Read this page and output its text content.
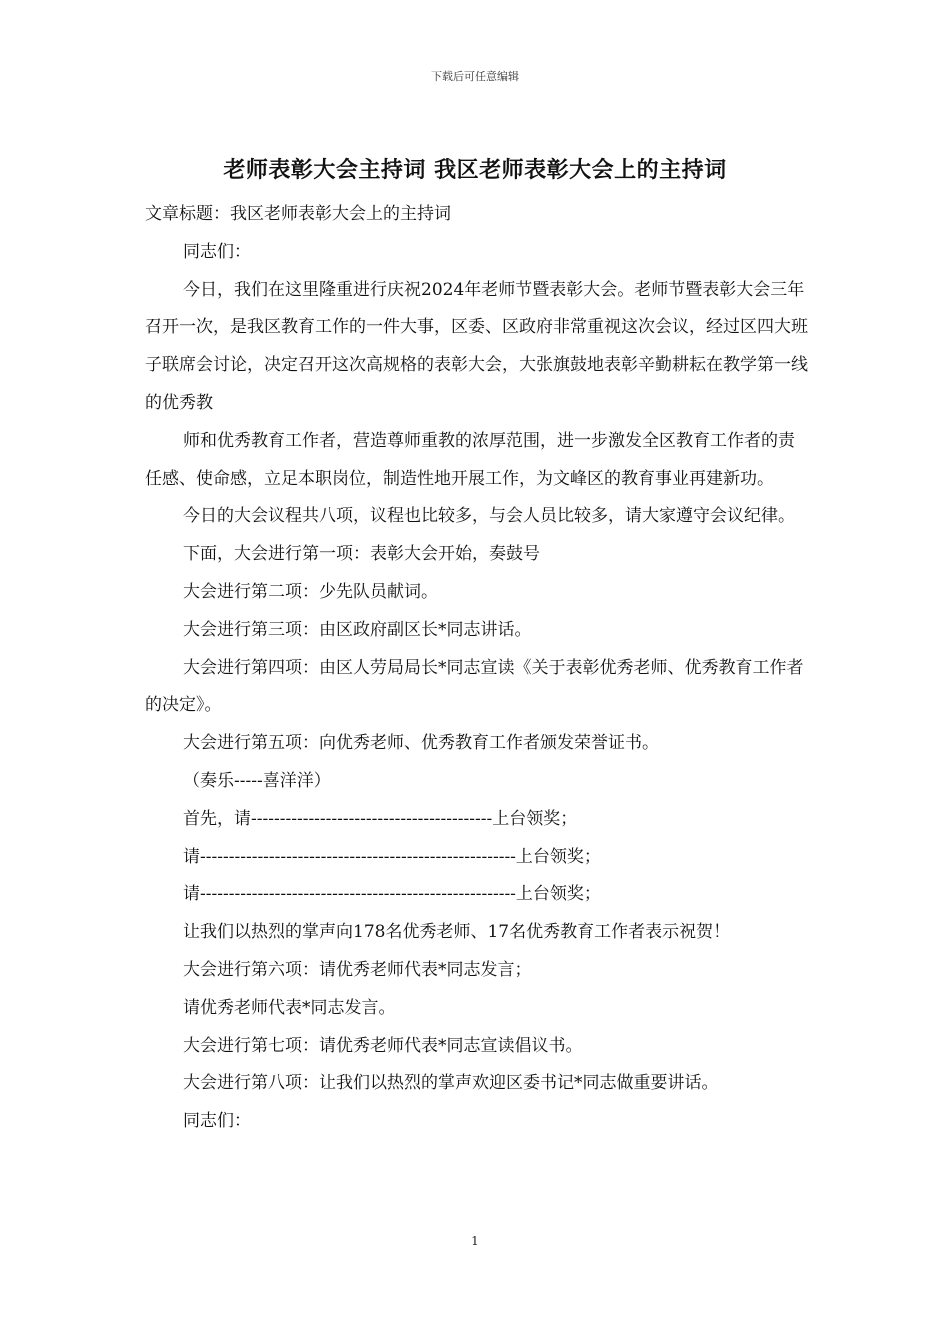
下载后可任意编辑
老师表彰大会主持词 我区老师表彰大会上的主持词

文章标题：我区老师表彰大会上的主持词

同志们：

今日，我们在这里隆重进行庆祝2024年老师节暨表彰大会。老师节暨表彰大会三年召开一次，是我区教育工作的一件大事，区委、区政府非常重视这次会议，经过区四大班子联席会讨论，决定召开这次高规格的表彰大会，大张旗鼓地表彰辛勤耕耘在教学第一线的优秀教

师和优秀教育工作者，营造尊师重教的浓厚范围，进一步激发全区教育工作者的责任感、使命感，立足本职岗位，制造性地开展工作，为文峰区的教育事业再建新功。

今日的大会议程共八项，议程也比较多，与会人员比较多，请大家遵守会议纪律。

下面，大会进行第一项：表彰大会开始，奏鼓号

大会进行第二项：少先队员献词。

大会进行第三项：由区政府副区长*同志讲话。

大会进行第四项：由区人劳局局长*同志宣读《关于表彰优秀老师、优秀教育工作者的决定》。

大会进行第五项：向优秀老师、优秀教育工作者颁发荣誉证书。

（奏乐-----喜洋洋）

首先，请------------------------------------------上台领奖；

请-------------------------------------------------------上台领奖；

请-------------------------------------------------------上台领奖；

让我们以热烈的掌声向178名优秀老师、17名优秀教育工作者表示祝贺！

大会进行第六项：请优秀老师代表*同志发言；

请优秀老师代表*同志发言。

大会进行第七项：请优秀老师代表*同志宣读倡议书。

大会进行第八项：让我们以热烈的掌声欢迎区委书记*同志做重要讲话。

同志们：

1
